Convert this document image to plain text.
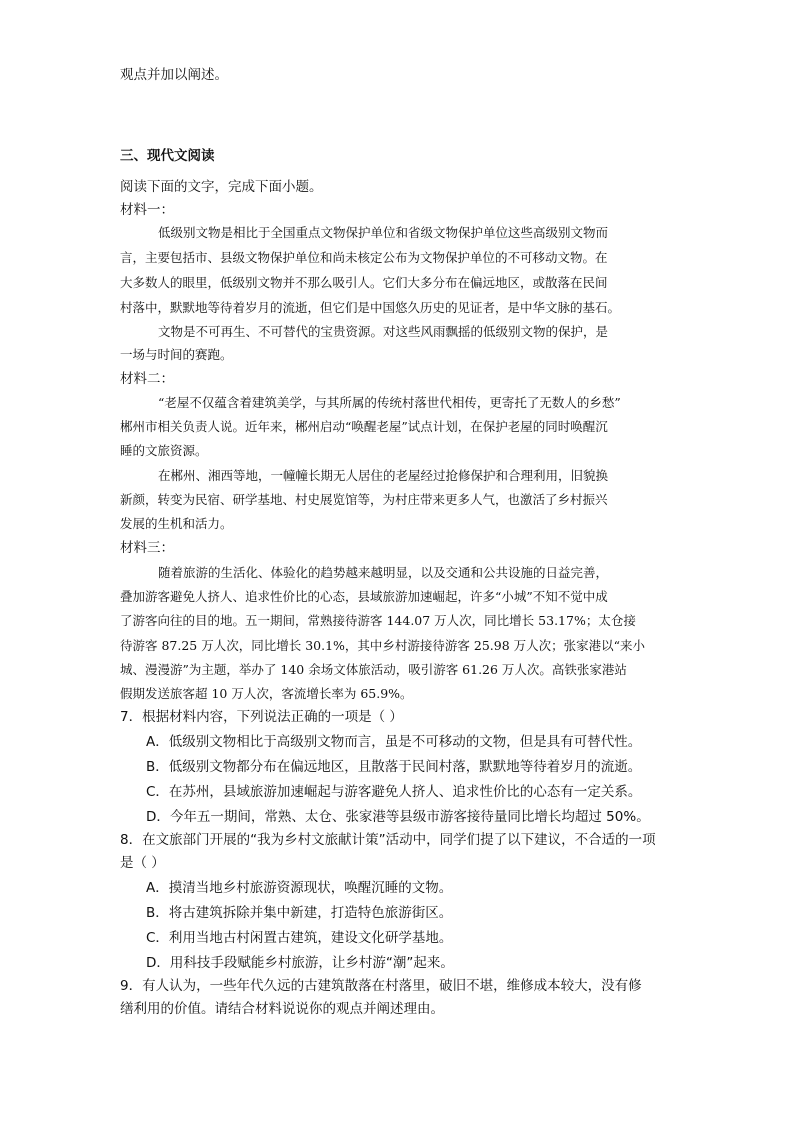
观点并加以阐述。
三、现代文阅读
阅读下面的文字，完成下面小题。
材料一：
低级别文物是相比于全国重点文物保护单位和省级文物保护单位这些高级别文物而
言，主要包括市、县级文物保护单位和尚未核定公布为文物保护单位的不可移动文物。在
大多数人的眼里，低级别文物并不那么吸引人。它们大多分布在偏远地区，或散落在民间
村落中，默默地等待着岁月的流逝，但它们是中国悠久历史的见证者，是中华文脉的基石。
文物是不可再生、不可替代的宝贵资源。对这些风雨飘摇的低级别文物的保护，是
一场与时间的赛跑。
材料二：
“老屋不仅蕴含着建筑美学，与其所属的传统村落世代相传，更寄托了无数人的乡愁”
郴州市相关负责人说。近年来，郴州启动“唤醒老屋”试点计划，在保护老屋的同时唤醒沉
睡的文旅资源。
在郴州、湘西等地，一幢幢长期无人居住的老屋经过抢修保护和合理利用，旧貌换
新颜，转变为民宿、研学基地、村史展览馆等，为村庄带来更多人气，也激活了乡村振兴
发展的生机和活力。
材料三：
随着旅游的生活化、体验化的趋势越来越明显，以及交通和公共设施的日益完善，
叠加游客避免人挤人、追求性价比的心态，县域旅游加速崛起，许多“小城”不知不觉中成
了游客向往的目的地。五一期间，常熟接待游客 144.07 万人次，同比增长 53.17%；太仓接
待游客 87.25 万人次，同比增长 30.1%，其中乡村游接待游客 25.98 万人次；张家港以“来小
城、漫漫游”为主题，举办了 140 余场文体旅活动，吸引游客 61.26 万人次。高铁张家港站
假期发送旅客超 10 万人次，客流增长率为 65.9%。
7．根据材料内容，下列说法正确的一项是（ ）
A．低级别文物相比于高级别文物而言，虽是不可移动的文物，但是具有可替代性。
B．低级别文物都分布在偏远地区，且散落于民间村落，默默地等待着岁月的流逝。
C．在苏州，县域旅游加速崛起与游客避免人挤人、追求性价比的心态有一定关系。
D．今年五一期间，常熟、太仓、张家港等县级市游客接待量同比增长均超过 50%。
8．在文旅部门开展的“我为乡村文旅献计策”活动中，同学们提了以下建议，不合适的一项
是（ ）
A．摸清当地乡村旅游资源现状，唤醒沉睡的文物。
B．将古建筑拆除并集中新建，打造特色旅游街区。
C．利用当地古村闲置古建筑，建设文化研学基地。
D．用科技手段赋能乡村旅游，让乡村游“潮”起来。
9．有人认为，一些年代久远的古建筑散落在村落里，破旧不堪，维修成本较大，没有修
缮利用的价值。请结合材料说说你的观点并阐述理由。
